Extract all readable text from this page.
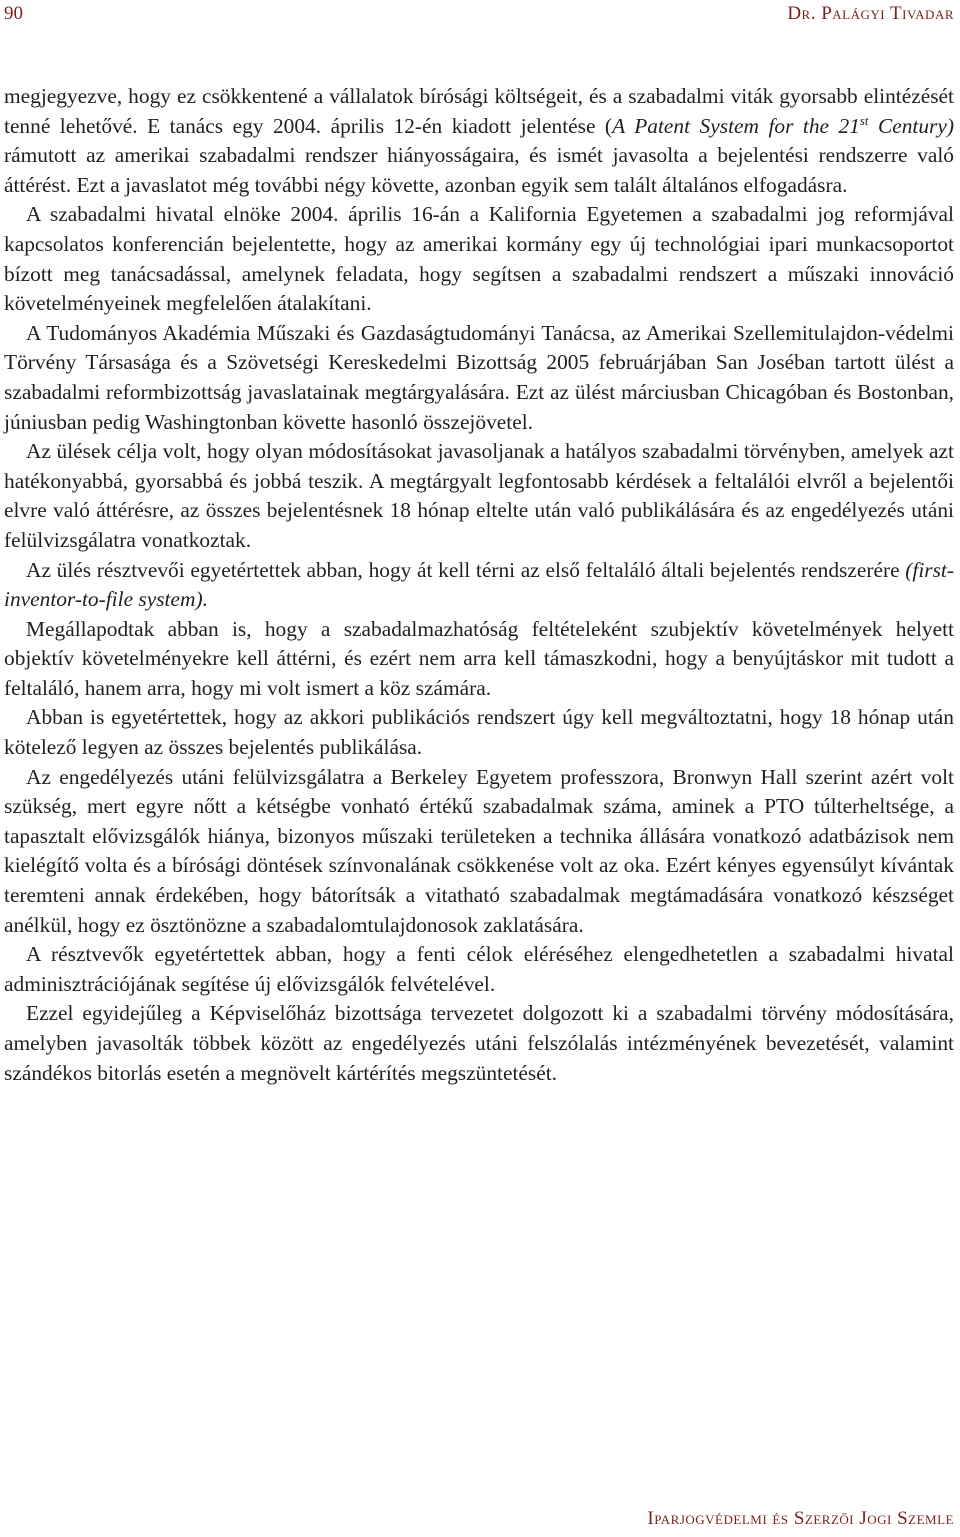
90	Dr. Palágyi Tivadar

megjegyezve, hogy ez csökkentené a vállalatok bírósági költségeit, és a szabadalmi viták gyorsabb elintézését tenné lehetővé. E tanács egy 2004. április 12-én kiadott jelentése (A Patent System for the 21st Century) rámutott az amerikai szabadalmi rendszer hiányosságaira, és ismét javasolta a bejelentési rendszerre való áttérést. Ezt a javaslatot még további négy követte, azonban egyik sem talált általános elfogadásra.

A szabadalmi hivatal elnöke 2004. április 16-án a Kalifornia Egyetemen a szabadalmi jog reformjával kapcsolatos konferencián bejelentette, hogy az amerikai kormány egy új technológiai ipari munkacsoportot bízott meg tanácsadással, amelynek feladata, hogy segítsen a szabadalmi rendszert a műszaki innováció követelményeinek megfelelően átalakítani.

A Tudományos Akadémia Műszaki és Gazdaságtudományi Tanácsa, az Amerikai Szellemitulajdon-védelmi Törvény Társasága és a Szövetségi Kereskedelmi Bizottság 2005 februárjában San Joséban tartott ülést a szabadalmi reformbizottság javaslatainak megtárgyalására. Ezt az ülést márciusban Chicagóban és Bostonban, júniusban pedig Washingtonban követte hasonló összejövetel.

Az ülések célja volt, hogy olyan módosításokat javasoljanak a hatályos szabadalmi törvényben, amelyek azt hatékonyabbá, gyorsabbá és jobbá teszik. A megtárgyalt legfontosabb kérdések a feltalálói elvről a bejelentői elvre való áttérésre, az összes bejelentésnek 18 hónap eltelte után való publikálására és az engedélyezés utáni felülvizsgálatra vonatkoztak.

Az ülés résztvevői egyetértettek abban, hogy át kell térni az első feltaláló általi bejelentés rendszerére (first-inventor-to-file system).

Megállapodtak abban is, hogy a szabadalmazhatóság feltételeként szubjektív követelmények helyett objektív követelményekre kell áttérni, és ezért nem arra kell támaszkodni, hogy a benyújtáskor mit tudott a feltaláló, hanem arra, hogy mi volt ismert a köz számára.

Abban is egyetértettek, hogy az akkori publikációs rendszert úgy kell megváltoztatni, hogy 18 hónap után kötelező legyen az összes bejelentés publikálása.

Az engedélyezés utáni felülvizsgálatra a Berkeley Egyetem professzora, Bronwyn Hall szerint azért volt szükség, mert egyre nőtt a kétségbe vonható értékű szabadalmak száma, aminek a PTO túlterheltsége, a tapasztalt elővizsgálók hiánya, bizonyos műszaki területeken a technika állására vonatkozó adatbázisok nem kielégítő volta és a bírósági döntések színvonalának csökkenése volt az oka. Ezért kényes egyensúlyt kívántak teremteni annak érdekében, hogy bátorítsák a vitatható szabadalmak megtámadására vonatkozó készséget anélkül, hogy ez ösztönözne a szabadalomtulajdonosok zaklatására.

A résztvevők egyetértettek abban, hogy a fenti célok eléréséhez elengedhetetlen a szabadalmi hivatal adminisztrációjának segítése új elővizsgálók felvételével.

Ezzel egyidejűleg a Képviselőház bizottsága tervezetet dolgozott ki a szabadalmi törvény módosítására, amelyben javasolták többek között az engedélyezés utáni felszólalás intézményének bevezetését, valamint szándékos bitorlás esetén a megnövelt kártérítés megszüntetését.

Iparjogvédelmi és Szerzői Jogi Szemle
